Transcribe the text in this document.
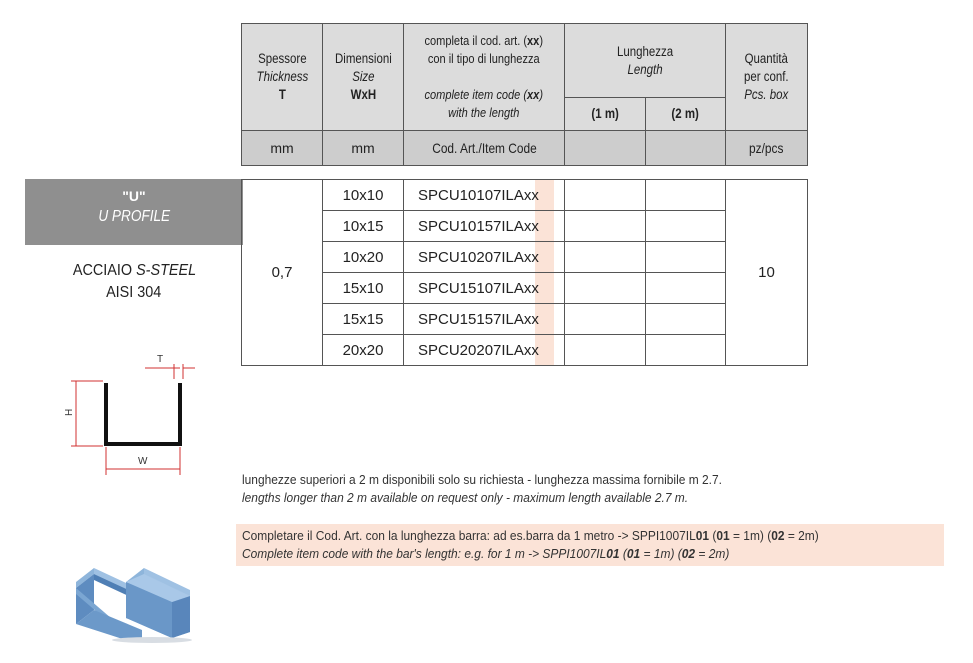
Spessore
Thickness
T	Dimensioni
Size
WxH	completa il cod. art. (xx)
con il tipo di lunghezza

complete item code (xx)
with the length	Lunghezza
Length		Quantità
per conf.
Pcs. box
			(1 m)	(2 m)	
mm	mm	Cod. Art./Item Code			pz/pcs
"U"
U PROFILE
ACCIAIO S-STEEL
AISI 304
0,7	10x10	SPCU10107ILAxx			10
	10x15	SPCU10157ILAxx			
	10x20	SPCU10207ILAxx			
	15x10	SPCU15107ILAxx			
	15x15	SPCU15157ILAxx			
	20x20	SPCU20207ILAxx			
T
H
W
lunghezze superiori a 2 m disponibili solo su richiesta - lunghezza massima fornibile m 2.7.
lengths longer than 2 m available on request only - maximum length available 2.7 m.
Completare il Cod. Art. con la lunghezza barra: ad es.barra da 1 metro -> SPPI1007IL01 (01 = 1m) (02 = 2m)
Complete item code with the bar's length: e.g. for 1 m -> SPPI1007IL01 (01 = 1m) (02 = 2m)
